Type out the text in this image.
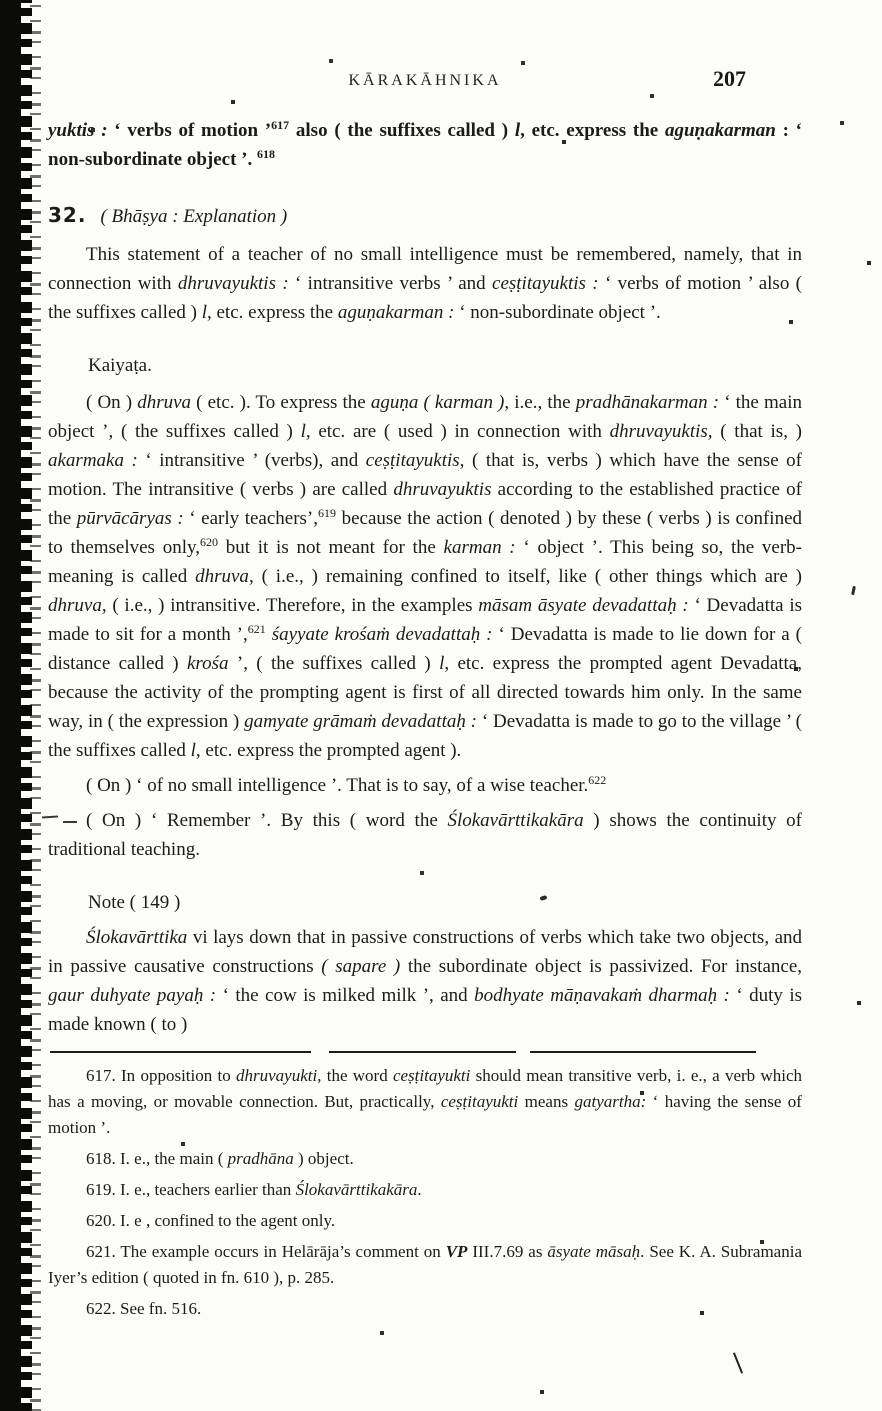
KĀRAKĀHNIKA	207

yuktis : ‘ verbs of motion ’$^{617}$ also ( the suffixes called ) l, etc. express the aguṇakarman : ‘ non-subordinate object ’. $^{618}$

32. ( Bhāṣya : Explanation )

This statement of a teacher of no small intelligence must be remembered, namely, that in connection with dhruvayuktis : ‘ intransitive verbs ’ and ceṣṭitayuktis : ‘ verbs of motion ’ also ( the suffixes called ) l, etc. express the aguṇakarman : ‘ non-subordinate object ’.

Kaiyaṭa.

( On ) dhruva ( etc. ). To express the aguṇa ( karman ), i.e., the pradhānakarman : ‘ the main object ’, ( the suffixes called ) l, etc. are ( used ) in connection with dhruvayuktis, ( that is, ) akarmaka : ‘ intransitive ’ (verbs), and ceṣṭitayuktis, ( that is, verbs ) which have the sense of motion. The intransitive ( verbs ) are called dhruvayuktis according to the established practice of the pūrvācāryas : ‘ early teachers’,$^{619}$ because the action ( denoted ) by these ( verbs ) is confined to themselves only,$^{620}$ but it is not meant for the karman : ‘ object ’. This being so, the verb-meaning is called dhruva, ( i.e., ) remaining confined to itself, like ( other things which are ) dhruva, ( i.e., ) intransitive. Therefore, in the examples māsam āsyate devadattaḥ : ‘ Devadatta is made to sit for a month ’,$^{621}$ śayyate krośaṁ devadattaḥ : ‘ Devadatta is made to lie down for a ( distance called ) krośa ’, ( the suffixes called ) l, etc. express the prompted agent Devadatta, because the activity of the prompting agent is first of all directed towards him only. In the same way, in ( the expression ) gamyate grāmaṁ devadattaḥ : ‘ Devadatta is made to go to the village ’ ( the suffixes called l, etc. express the prompted agent ).

( On ) ‘ of no small intelligence ’. That is to say, of a wise teacher.$^{622}$

( On ) ‘ Remember ’. By this ( word the Ślokavārttikakāra ) shows the continuity of traditional teaching.

Note ( 149 )

Ślokavārttika vi lays down that in passive constructions of verbs which take two objects, and in passive causative constructions ( sapare ) the subordinate object is passivized. For instance, gaur duhyate payaḥ : ‘ the cow is milked milk ’, and bodhyate māṇavakaṁ dharmaḥ : ‘ duty is made known ( to )

617. In opposition to dhruvayukti, the word ceṣṭitayukti should mean transitive verb, i. e., a verb which has a moving, or movable connection. But, practically, ceṣṭitayukti means gatyartha: ‘ having the sense of motion ’.

618. I. e., the main ( pradhāna ) object.

619. I. e., teachers earlier than Ślokavārttikakāra.

620. I. e , confined to the agent only.

621. The example occurs in Helārāja’s comment on VP III.7.69 as āsyate māsaḥ. See K. A. Subramania Iyer’s edition ( quoted in fn. 610 ), p. 285.

622. See fn. 516.
